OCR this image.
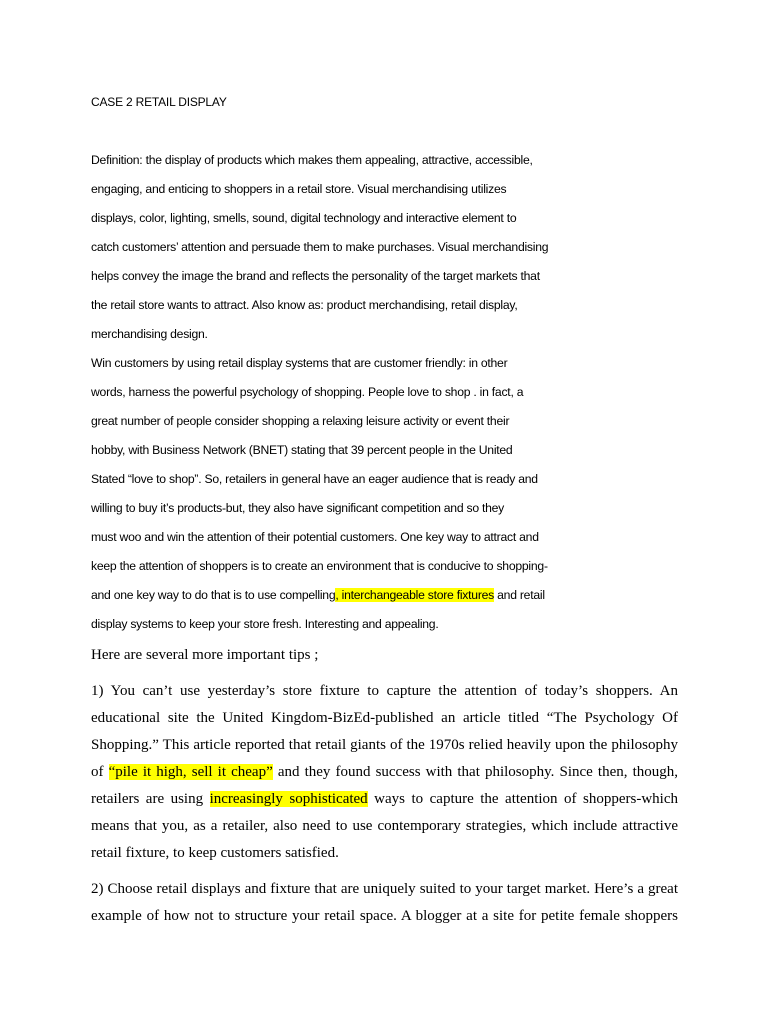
CASE 2 RETAIL DISPLAY
Definition: the display of products which makes them appealing, attractive, accessible,
engaging, and enticing to shoppers in a retail store. Visual merchandising utilizes
displays, color, lighting, smells, sound, digital technology and interactive element to
catch customers’ attention and persuade them to make purchases. Visual merchandising
helps convey the image the brand and reflects the personality of the target markets that
the retail store wants to attract. Also know as: product merchandising, retail display,
merchandising design.
Win customers by using retail display systems that are customer friendly: in other
words, harness the powerful psychology of shopping. People love to shop . in fact, a
great number of people consider shopping a relaxing leisure activity or event their
hobby, with Business Network (BNET) stating that 39 percent people in the United
Stated “love to shop”. So, retailers in general have an eager audience that is ready and
willing to buy it’s products-but, they also have significant competition and so they
must woo and win the attention of their potential customers. One key way to attract and
keep the attention of shoppers is to create an environment that is conducive to shopping-
and one key way to do that is to use compelling, interchangeable store fixtures and retail
display systems to keep your store fresh. Interesting and appealing.
Here are several more important tips ;
1) You can’t use yesterday’s store fixture to capture the attention of today’s shoppers. An
educational site the United Kingdom-BizEd-published an article titled “The Psychology Of
Shopping.” This article reported that retail giants of the 1970s relied heavily upon the philosophy
of “pile it high, sell it cheap” and they found success with that philosophy. Since then, though,
retailers are using increasingly sophisticated ways to capture the attention of shoppers-which
means that you, as a retailer, also need to use contemporary strategies, which include attractive
retail fixture, to keep customers satisfied.
2) Choose retail displays and fixture that are uniquely suited to your target market. Here’s a great
example of how not to structure your retail space. A blogger at a site for petite female shoppers
